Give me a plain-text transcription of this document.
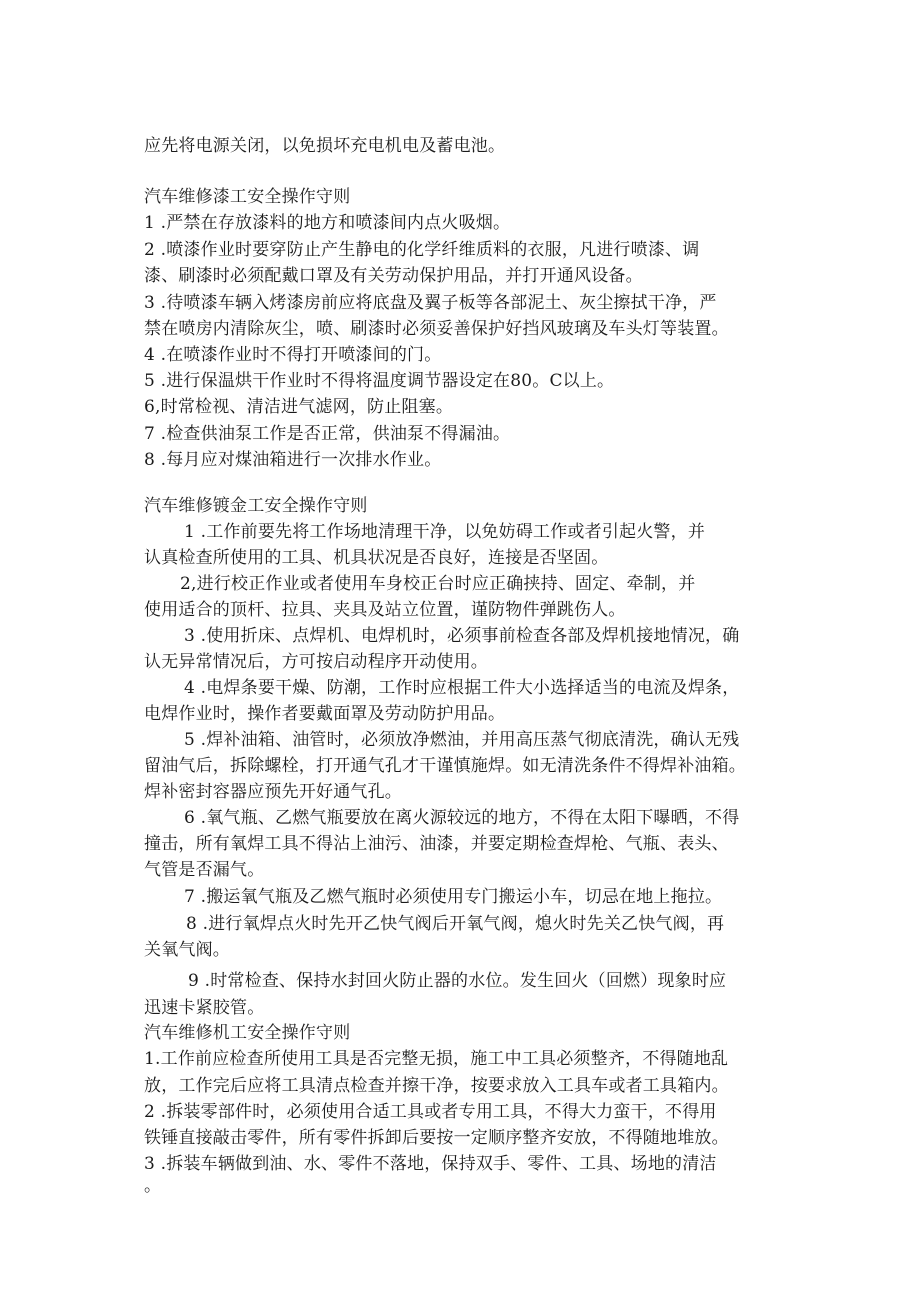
应先将电源关闭，以免损坏充电机电及蓄电池。
汽车维修漆工安全操作守则
1 .严禁在存放漆料的地方和喷漆间内点火吸烟。
2 .喷漆作业时要穿防止产生静电的化学纤维质料的衣服，凡进行喷漆、调
漆、刷漆时必须配戴口罩及有关劳动保护用品，并打开通风设备。
3 .待喷漆车辆入烤漆房前应将底盘及翼子板等各部泥土、灰尘擦拭干净，严
禁在喷房内清除灰尘，喷、刷漆时必须妥善保护好挡风玻璃及车头灯等装置。
4 .在喷漆作业时不得打开喷漆间的门。
5 .进行保温烘干作业时不得将温度调节器设定在80。C以上。
6,时常检视、清洁进气滤网，防止阻塞。
7 .检查供油泵工作是否正常，供油泵不得漏油。
8 .每月应对煤油箱进行一次排水作业。
汽车维修镀金工安全操作守则
1 .工作前要先将工作场地清理干净，以免妨碍工作或者引起火警，并
认真检查所使用的工具、机具状况是否良好，连接是否坚固。
2,进行校正作业或者使用车身校正台时应正确挟持、固定、牵制，并
使用适合的顶杆、拉具、夹具及站立位置，谨防物件弹跳伤人。
3 .使用折床、点焊机、电焊机时，必须事前检查各部及焊机接地情况，确
认无异常情况后，方可按启动程序开动使用。
4 .电焊条要干燥、防潮，工作时应根据工件大小选择适当的电流及焊条，
电焊作业时，操作者要戴面罩及劳动防护用品。
5 .焊补油箱、油管时，必须放净燃油，并用高压蒸气彻底清洗，确认无残
留油气后，拆除螺栓，打开通气孔才干谨慎施焊。如无清洗条件不得焊补油箱。
焊补密封容器应预先开好通气孔。
6 .氧气瓶、乙燃气瓶要放在离火源较远的地方，不得在太阳下曝晒，不得
撞击，所有氧焊工具不得沾上油污、油漆，并要定期检查焊枪、气瓶、表头、
气管是否漏气。
7 .搬运氧气瓶及乙燃气瓶时必须使用专门搬运小车，切忌在地上拖拉。
8 .进行氧焊点火时先开乙快气阀后开氧气阀，熄火时先关乙快气阀，再
关氧气阀。
9 .时常检查、保持水封回火防止器的水位。发生回火（回燃）现象时应
迅速卡紧胶管。
汽车维修机工安全操作守则
1.工作前应检查所使用工具是否完整无损，施工中工具必须整齐，不得随地乱
放，工作完后应将工具清点检查并擦干净，按要求放入工具车或者工具箱内。
2 .拆装零部件时，必须使用合适工具或者专用工具，不得大力蛮干，不得用
铁锤直接敲击零件，所有零件拆卸后要按一定顺序整齐安放，不得随地堆放。
3 .拆装车辆做到油、水、零件不落地，保持双手、零件、工具、场地的清洁
。
